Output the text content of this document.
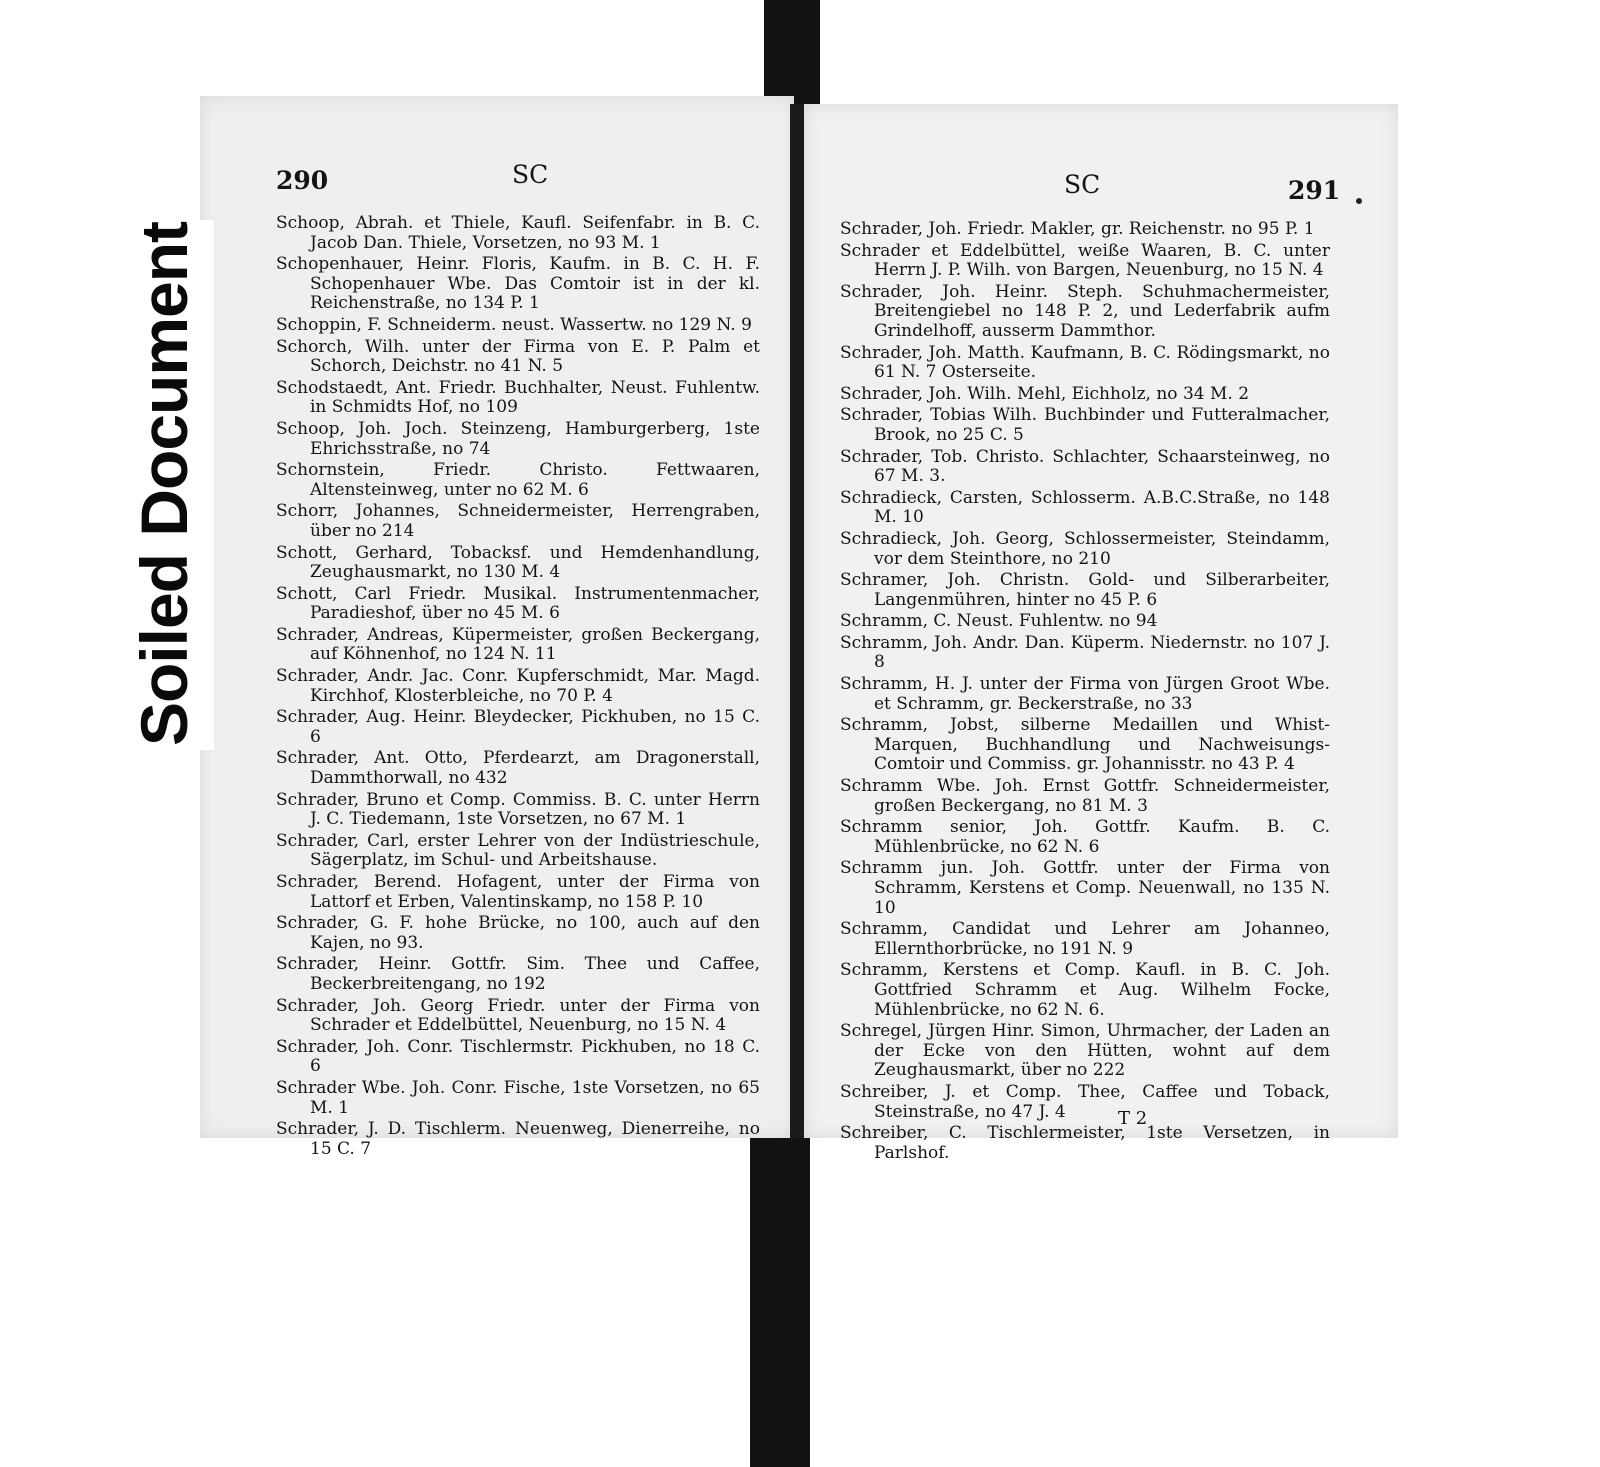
Soiled Document
290	SC
291
SC
Schoop, Abrah. et Thiele, Kaufl. Seifenfabr. in B. C. Jacob Dan. Thiele, Vorsetzen, no 93 M. 1
Schopenhauer, Heinr. Floris, Kaufm. in B. C. H. F. Schopenhauer Wbe. Das Comtoir ist in der kl. Reichenstraße, no 134 P. 1
Schoppin, F. Schneiderm. neust. Wassertw. no 129 N. 9
Schorch, Wilh. unter der Firma von E. P. Palm et Schorch, Deichstr. no 41 N. 5
Schodstaedt, Ant. Friedr. Buchhalter, Neust. Fuhlentw. in Schmidts Hof, no 109
Schoop, Joh. Joch. Steinzeng, Hamburgerberg, 1ste Ehrichsstraße, no 74
Schornstein, Friedr. Christo. Fettwaaren, Altensteinweg, unter no 62 M. 6
Schorr, Johannes, Schneidermeister, Herrengraben, über no 214
Schott, Gerhard, Tobacksf. und Hemdenhandlung, Zeughausmarkt, no 130 M. 4
Schott, Carl Friedr. Musikal. Instrumentenmacher, Paradieshof, über no 45 M. 6
Schrader, Andreas, Küpermeister, großen Beckergang, auf Köhnenhof, no 124 N. 11
Schrader, Andr. Jac. Conr. Kupferschmidt, Mar. Magd. Kirchhof, Klosterbleiche, no 70 P. 4
Schrader, Aug. Heinr. Bleydecker, Pickhuben, no 15 C. 6
Schrader, Ant. Otto, Pferdearzt, am Dragonerstall, Dammthorwall, no 432
Schrader, Bruno et Comp. Commiss. B. C. unter Herrn J. C. Tiedemann, 1ste Vorsetzen, no 67 M. 1
Schrader, Carl, erster Lehrer von der Indüstrieschule, Sägerplatz, im Schul- und Arbeitshause.
Schrader, Berend. Hofagent, unter der Firma von Lattorf et Erben, Valentinskamp, no 158 P. 10
Schrader, G. F. hohe Brücke, no 100, auch auf den Kajen, no 93.
Schrader, Heinr. Gottfr. Sim. Thee und Caffee, Beckerbreitengang, no 192
Schrader, Joh. Georg Friedr. unter der Firma von Schrader et Eddelbüttel, Neuenburg, no 15 N. 4
Schrader, Joh. Conr. Tischlermstr. Pickhuben, no 18 C. 6
Schrader Wbe. Joh. Conr. Fische, 1ste Vorsetzen, no 65 M. 1
Schrader, J. D. Tischlerm. Neuenweg, Dienerreihe, no 15 C. 7
Schrader, Joh. Friedr. Makler, gr. Reichenstr. no 95 P. 1
Schrader et Eddelbüttel, weiße Waaren, B. C. unter Herrn J. P. Wilh. von Bargen, Neuenburg, no 15 N. 4
Schrader, Joh. Heinr. Steph. Schuhmachermeister, Breitengiebel no 148 P. 2, und Lederfabrik aufm Grindelhoff, ausserm Dammthor.
Schrader, Joh. Matth. Kaufmann, B. C. Rödingsmarkt, no 61 N. 7 Osterseite.
Schrader, Joh. Wilh. Mehl, Eichholz, no 34 M. 2
Schrader, Tobias Wilh. Buchbinder und Futteralmacher, Brook, no 25 C. 5
Schrader, Tob. Christo. Schlachter, Schaarsteinweg, no 67 M. 3.
Schradieck, Carsten, Schlosserm. A.B.C.Straße, no 148 M. 10
Schradieck, Joh. Georg, Schlossermeister, Steindamm, vor dem Steinthore, no 210
Schramer, Joh. Christn. Gold- und Silberarbeiter, Langenmühren, hinter no 45 P. 6
Schramm, C. Neust. Fuhlentw. no 94
Schramm, Joh. Andr. Dan. Küperm. Niedernstr. no 107 J. 8
Schramm, H. J. unter der Firma von Jürgen Groot Wbe. et Schramm, gr. Beckerstraße, no 33
Schramm, Jobst, silberne Medaillen und Whist-Marquen, Buchhandlung und Nachweisungs-Comtoir und Commiss. gr. Johannisstr. no 43 P. 4
Schramm Wbe. Joh. Ernst Gottfr. Schneidermeister, großen Beckergang, no 81 M. 3
Schramm senior, Joh. Gottfr. Kaufm. B. C. Mühlenbrücke, no 62 N. 6
Schramm jun. Joh. Gottfr. unter der Firma von Schramm, Kerstens et Comp. Neuenwall, no 135 N. 10
Schramm, Candidat und Lehrer am Johanneo, Ellernthorbrücke, no 191 N. 9
Schramm, Kerstens et Comp. Kaufl. in B. C. Joh. Gottfried Schramm et Aug. Wilhelm Focke, Mühlenbrücke, no 62 N. 6.
Schregel, Jürgen Hinr. Simon, Uhrmacher, der Laden an der Ecke von den Hütten, wohnt auf dem Zeughausmarkt, über no 222
Schreiber, J. et Comp. Thee, Caffee und Toback, Steinstraße, no 47 J. 4
Schreiber, C. Tischlermeister, 1ste Versetzen, in Parlshof.
T 2
